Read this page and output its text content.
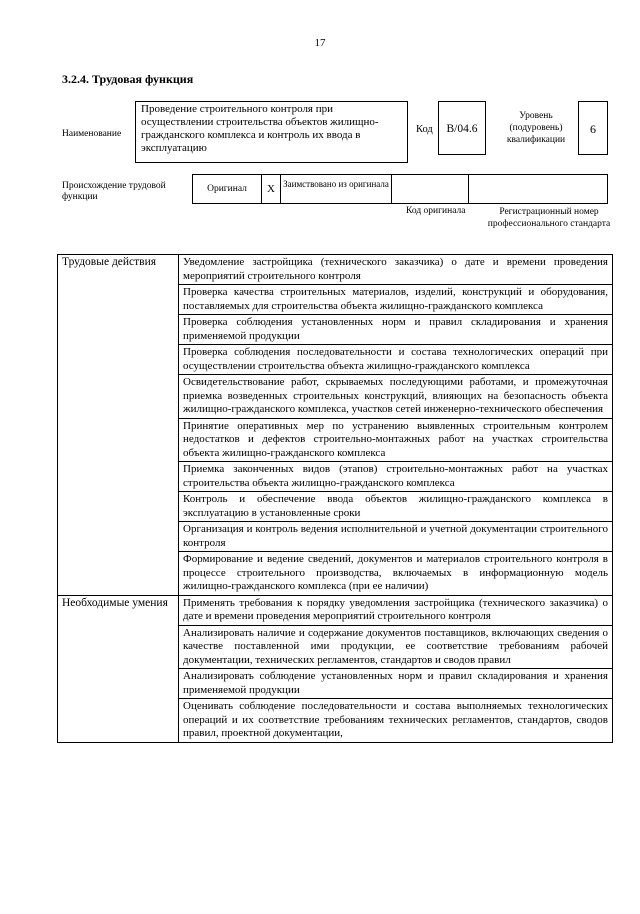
17
3.2.4. Трудовая функция
Наименование
Проведение строительного контроля при осуществлении строительства объектов жилищно-гражданского комплекса и контроль их ввода в эксплуатацию
Код	B/04.6
Уровень (подуровень) квалификации
6
Происхождение трудовой функции
Оригинал	X Заимствовано из оригинала
Код оригинала	Регистрационный номер профессионального стандарта
Трудовые действия	Уведомление застройщика (технического заказчика) о дате и времени проведения мероприятий строительного контроля
	Проверка качества строительных материалов, изделий, конструкций и оборудования, поставляемых для строительства объекта жилищно-гражданского комплекса
	Проверка соблюдения установленных норм и правил складирования и хранения применяемой продукции
	Проверка соблюдения последовательности и состава технологических операций при осуществлении строительства объекта жилищно-гражданского комплекса
	Освидетельствование работ, скрываемых последующими работами, и промежуточная приемка возведенных строительных конструкций, влияющих на безопасность объекта жилищно-гражданского комплекса, участков сетей инженерно-технического обеспечения
	Принятие оперативных мер по устранению выявленных строительным контролем недостатков и дефектов строительно-монтажных работ на участках строительства объекта жилищно-гражданского комплекса
	Приемка законченных видов (этапов) строительно-монтажных работ на участках строительства объекта жилищно-гражданского комплекса
	Контроль и обеспечение ввода объектов жилищно-гражданского комплекса в эксплуатацию в установленные сроки
	Организация и контроль ведения исполнительной и учетной документации строительного контроля
	Формирование и ведение сведений, документов и материалов строительного контроля в процессе строительного производства, включаемых в информационную модель жилищно-гражданского комплекса (при ее наличии)
Необходимые умения	Применять требования к порядку уведомления застройщика (технического заказчика) о дате и времени проведения мероприятий строительного контроля
	Анализировать наличие и содержание документов поставщиков, включающих сведения о качестве поставленной ими продукции, ее соответствие требованиям рабочей документации, технических регламентов, стандартов и сводов правил
	Анализировать соблюдение установленных норм и правил складирования и хранения применяемой продукции
	Оценивать соблюдение последовательности и состава выполняемых технологических операций и их соответствие требованиям технических регламентов, стандартов, сводов правил, проектной документации,
